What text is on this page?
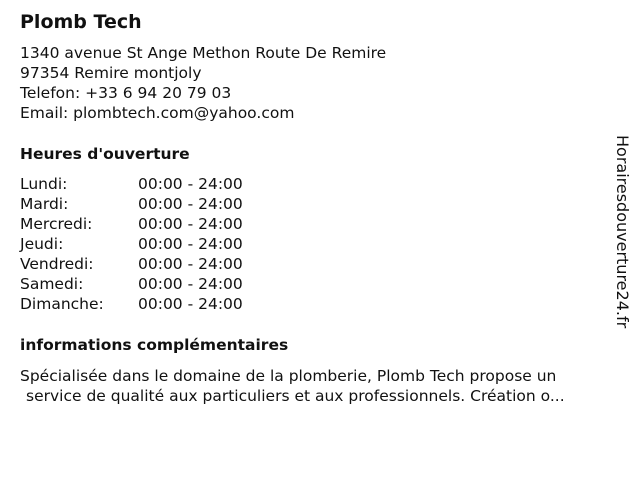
Plomb Tech
1340 avenue St Ange Methon Route De Remire
97354 Remire montjoly
Telefon: +33 6 94 20 79 03
Email: plombtech.com@yahoo.com
Heures d'ouverture
Lundi:	00:00 - 24:00
Mardi:	00:00 - 24:00
Mercredi:	00:00 - 24:00
Jeudi:	00:00 - 24:00
Vendredi:	00:00 - 24:00
Samedi:	00:00 - 24:00
Dimanche:	00:00 - 24:00
informations complémentaires
Spécialisée dans le domaine de la plomberie, Plomb Tech propose un
service de qualité aux particuliers et aux professionnels. Création o...
Horairesdouverture24.fr
